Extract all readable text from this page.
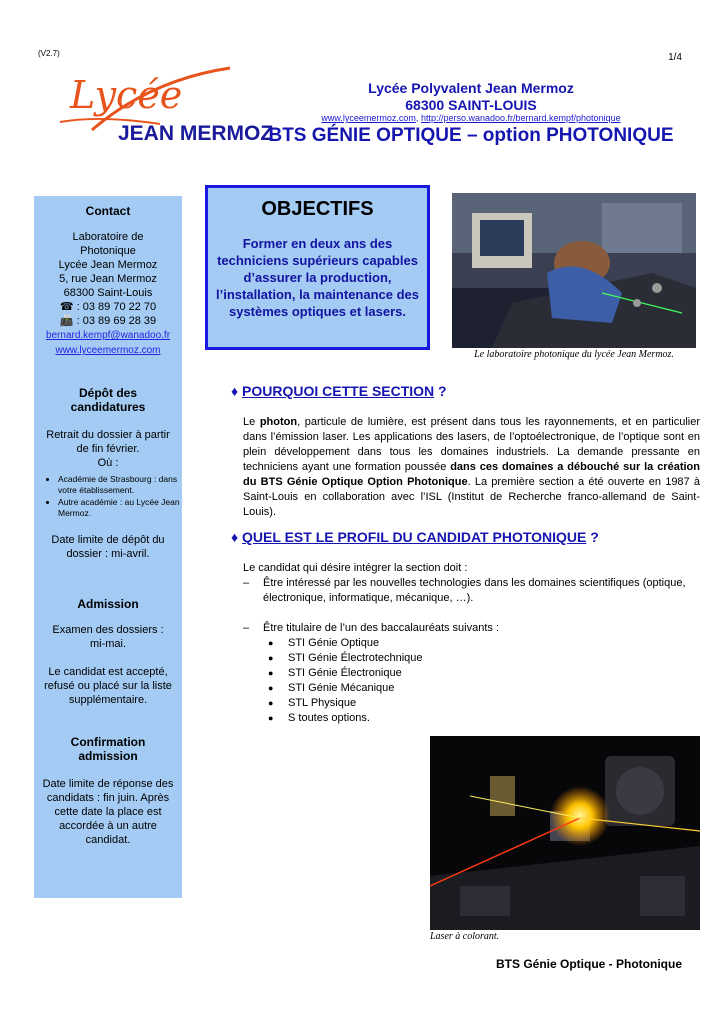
(V2.7)	1/4
Lycée
JEAN MERMOZ
Lycée Polyvalent Jean Mermoz
68300 SAINT-LOUIS
www.lyceemermoz.com, http://perso.wanadoo.fr/bernard.kempf/photonique
BTS GÉNIE OPTIQUE – option PHOTONIQUE
Contact

Laboratoire de

Photonique

Lycée Jean Mermoz

5, rue Jean Mermoz

68300 Saint-Louis

☎ : 03 89 70 22 70

📠 : 03 89 69 28 39

bernard.kempf@wanadoo.fr

www.lyceemermoz.com

Dépôt des

candidatures

Retrait du dossier à partir de fin février.

Où :

• Académie de Strasbourg : dans votre établissement.
• Autre académie : au Lycée Jean Mermoz.

Date limite de dépôt du dossier : mi-avril.

Admission

Examen des dossiers : mi-mai.

Le candidat est accepté, refusé ou placé sur la liste supplémentaire.

Confirmation

admission

Date limite de réponse des candidats : fin juin. Après cette date la place est accordée à un autre candidat.

OBJECTIFS
Former en deux ans des techniciens supérieurs capables d’assurer la production, l’installation, la maintenance des systèmes optiques et lasers.
Le laboratoire photonique du lycée Jean Mermoz.
♦ POURQUOI CETTE SECTION ?
Le photon, particule de lumière, est présent dans tous les rayonnements, et en particulier dans l’émission laser. Les applications des lasers, de l’optoélectronique, de l’optique sont en plein développement dans tous les domaines industriels. La demande pressante en techniciens ayant une formation poussée dans ces domaines a débouché sur la création du BTS Génie Optique Option Photonique. La première section a été ouverte en 1987 à Saint-Louis en collaboration avec l’ISL (Institut de Recherche franco-allemand de Saint-Louis).
♦ QUEL EST LE PROFIL DU CANDIDAT PHOTONIQUE ?
Le candidat qui désire intégrer la section doit :
–	Être intéressé par les nouvelles technologies dans les domaines scientifiques (optique, électronique, informatique, mécanique, …).
–	Être titulaire de l’un des baccalauréats suivants :
●	STI Génie Optique
●	STI Génie Électrotechnique
●	STI Génie Électronique
●	STI Génie Mécanique
●	STL Physique
●	S toutes options.
Laser à colorant.
BTS Génie Optique - Photonique
